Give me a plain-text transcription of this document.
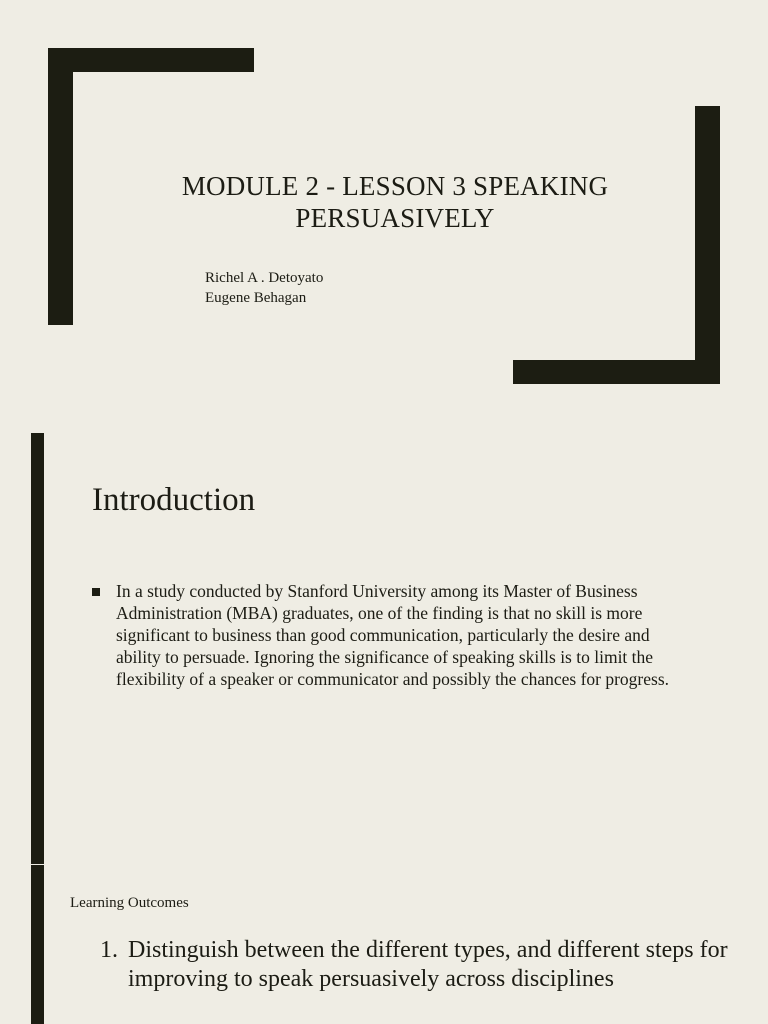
MODULE 2 - LESSON 3 SPEAKING PERSUASIVELY
Richel A . Detoyato
Eugene Behagan
Introduction
In a study conducted by Stanford University among its Master of Business Administration (MBA) graduates, one of the finding is that no skill is more significant to business than good communication, particularly the desire and ability to persuade. Ignoring the significance of speaking skills is to limit the flexibility of a speaker or communicator and possibly the chances for progress.
Learning Outcomes
1. Distinguish between the different types, and different steps for improving to speak persuasively across disciplines
